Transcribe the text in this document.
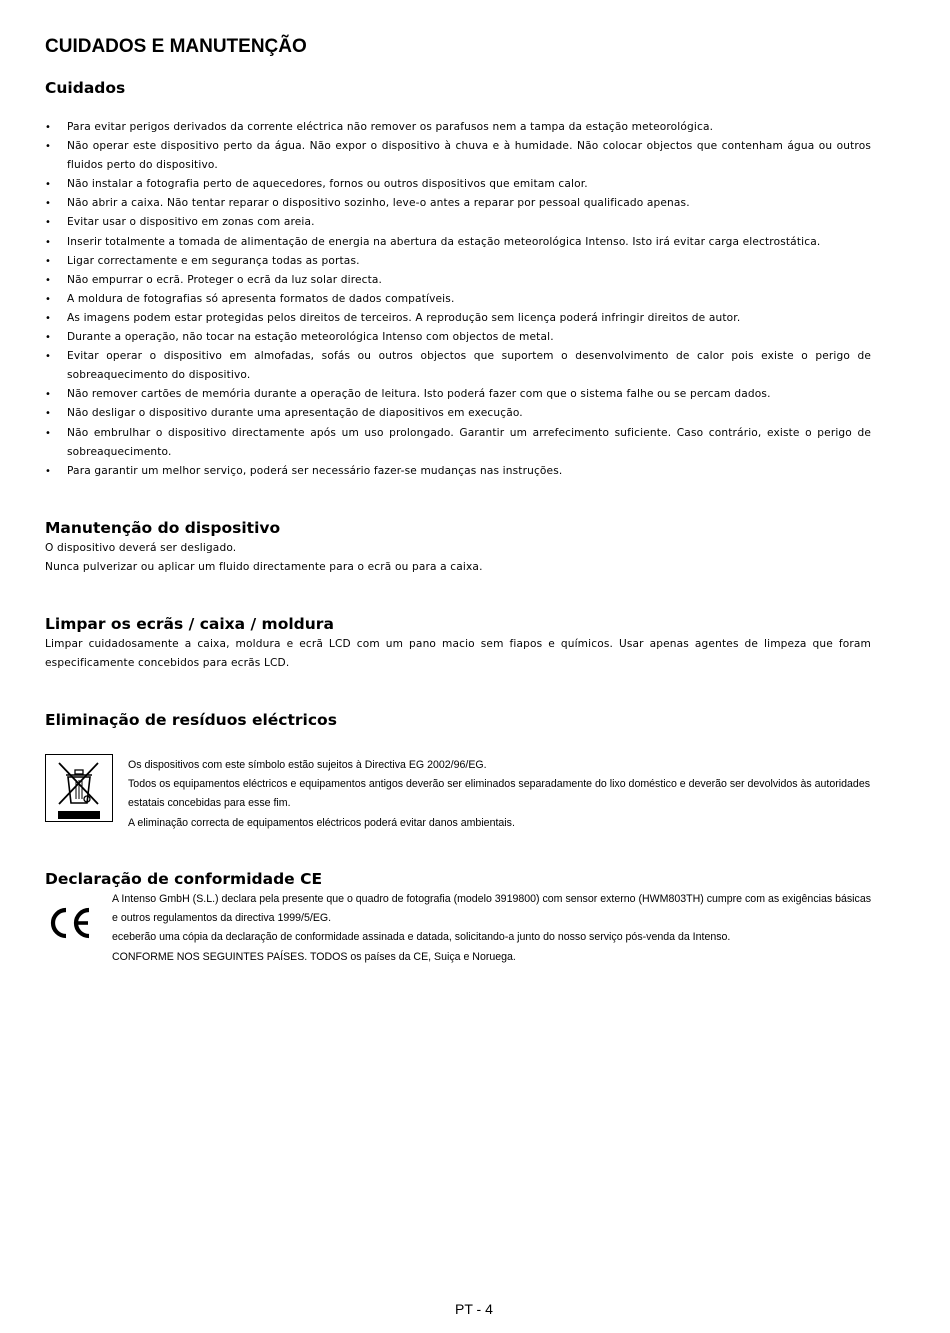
CUIDADOS E MANUTENÇÃO
Cuidados
• Para evitar perigos derivados da corrente eléctrica não remover os parafusos nem a tampa da estação meteorológica.
• Não operar este dispositivo perto da água. Não expor o dispositivo à chuva e à humidade. Não colocar objectos que contenham água ou outros fluidos perto do dispositivo.
• Não instalar a fotografia perto de aquecedores, fornos ou outros dispositivos que emitam calor.
• Não abrir a caixa. Não tentar reparar o dispositivo sozinho, leve-o antes a reparar por pessoal qualificado apenas.
• Evitar usar o dispositivo em zonas com areia.
• Inserir totalmente a tomada de alimentação de energia na abertura da estação meteorológica Intenso. Isto irá evitar carga electrostática.
• Ligar correctamente e em segurança todas as portas.
• Não empurrar o ecrã. Proteger o ecrã da luz solar directa.
• A moldura de fotografias só apresenta formatos de dados compatíveis.
• As imagens podem estar protegidas pelos direitos de terceiros. A reprodução sem licença poderá infringir direitos de autor.
• Durante a operação, não tocar na estação meteorológica Intenso com objectos de metal.
• Evitar operar o dispositivo em almofadas, sofás ou outros objectos que suportem o desenvolvimento de calor pois existe o perigo de sobreaquecimento do dispositivo.
• Não remover cartões de memória durante a operação de leitura. Isto poderá fazer com que o sistema falhe ou se percam dados.
• Não desligar o dispositivo durante uma apresentação de diapositivos em execução.
• Não embrulhar o dispositivo directamente após um uso prolongado. Garantir um arrefecimento suficiente. Caso contrário, existe o perigo de sobreaquecimento.
• Para garantir um melhor serviço, poderá ser necessário fazer-se mudanças nas instruções.
Manutenção do dispositivo

O dispositivo deverá ser desligado.

Nunca pulverizar ou aplicar um fluido directamente para o ecrã ou para a caixa.

Limpar os ecrãs / caixa / moldura

Limpar cuidadosamente a caixa, moldura e ecrã LCD com um pano macio sem fiapos e químicos. Usar apenas agentes de limpeza que foram especificamente concebidos para ecrãs LCD.

Eliminação de resíduos eléctricos

Os dispositivos com este símbolo estão sujeitos à Directiva EG 2002/96/EG.

Todos os equipamentos eléctricos e equipamentos antigos deverão ser eliminados separadamente do lixo doméstico e deverão ser devolvidos às autoridades estatais concebidas para esse fim.

A eliminação correcta de equipamentos eléctricos poderá evitar danos ambientais.

Declaração de conformidade CE

A Intenso GmbH (S.L.) declara pela presente que o quadro de fotografia (modelo 3919800) com sensor externo (HWM803TH) cumpre com as exigências básicas e outros regulamentos da directiva 1999/5/EG.

eceberão uma cópia da declaração de conformidade assinada e datada, solicitando-a junto do nosso serviço pós-venda da Intenso.

CONFORME NOS SEGUINTES PAÍSES. TODOS os países da CE, Suiça e Noruega.

PT - 4
